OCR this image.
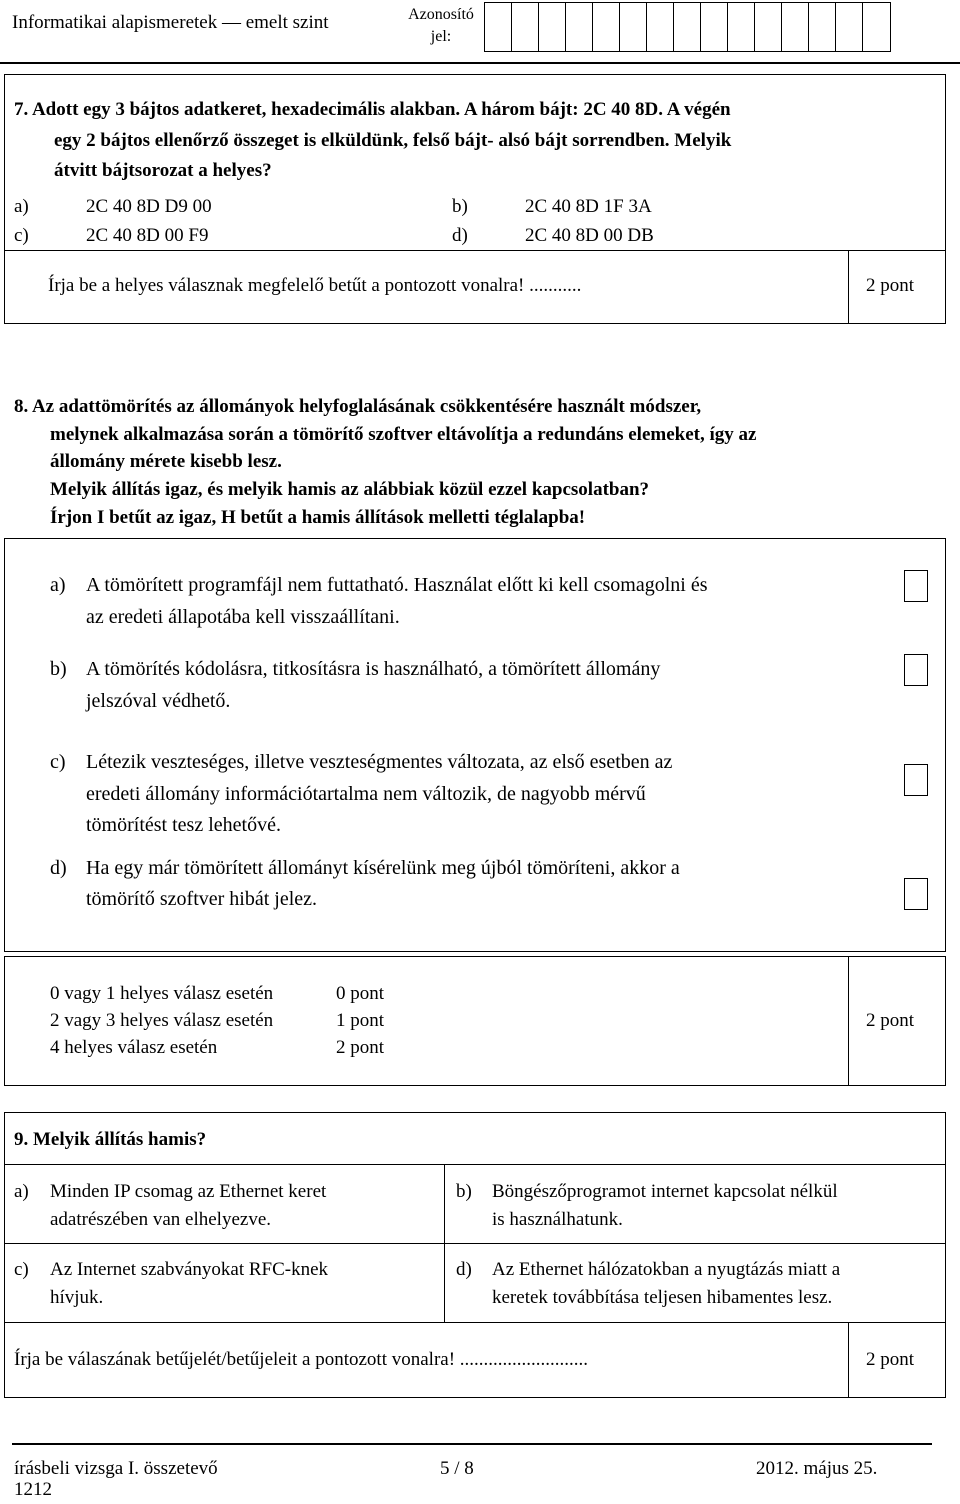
Informatikai alapismeretek — emelt szint	Azonosító
jel:
7. Adott egy 3 bájtos adatkeret, hexadecimális alakban. A három bájt: 2C 40 8D. A végén
egy 2 bájtos ellenőrző összeget is elküldünk, felső bájt- alsó bájt sorrendben. Melyik
átvitt bájtsorozat a helyes?
a)	2C 40 8D D9 00	b)	2C 40 8D 1F 3A
c)	2C 40 8D 00 F9	d)	2C 40 8D 00 DB
Írja be a helyes válasznak megfelelő betűt a pontozott vonalra! ...........	2 pont
8. Az adattömörítés az állományok helyfoglalásának csökkentésére használt módszer,
melynek alkalmazása során a tömörítő szoftver eltávolítja a redundáns elemeket, így az
állomány mérete kisebb lesz.
Melyik állítás igaz, és melyik hamis az alábbiak közül ezzel kapcsolatban?
Írjon I betűt az igaz, H betűt a hamis állítások melletti téglalapba!
a) A tömörített programfájl nem futtatható. Használat előtt ki kell csomagolni és
az eredeti állapotába kell visszaállítani.
b) A tömörítés kódolásra, titkosításra is használható, a tömörített állomány
jelszóval védhető.
c) Létezik veszteséges, illetve veszteségmentes változata, az első esetben az
eredeti állomány információtartalma nem változik, de nagyobb mérvű
tömörítést tesz lehetővé.
d) Ha egy már tömörített állományt kísérelünk meg újból tömöríteni, akkor a
tömörítő szoftver hibát jelez.
0 vagy 1 helyes válasz esetén	0 pont
2 vagy 3 helyes válasz esetén	1 pont
4 helyes válasz esetén	2 pont
2 pont
9. Melyik állítás hamis?
a) Minden IP csomag az Ethernet keret
adatrészében van elhelyezve.
b) Böngészőprogramot internet kapcsolat nélkül
is használhatunk.
c) Az Internet szabványokat RFC-knek
hívjuk.
d) Az Ethernet hálózatokban a nyugtázás miatt a
keretek továbbítása teljesen hibamentes lesz.
Írja be válaszának betűjelét/betűjeleit a pontozott vonalra! ...........................	2 pont
írásbeli vizsga I. összetevő	5 / 8	2012. május 25.
1212
